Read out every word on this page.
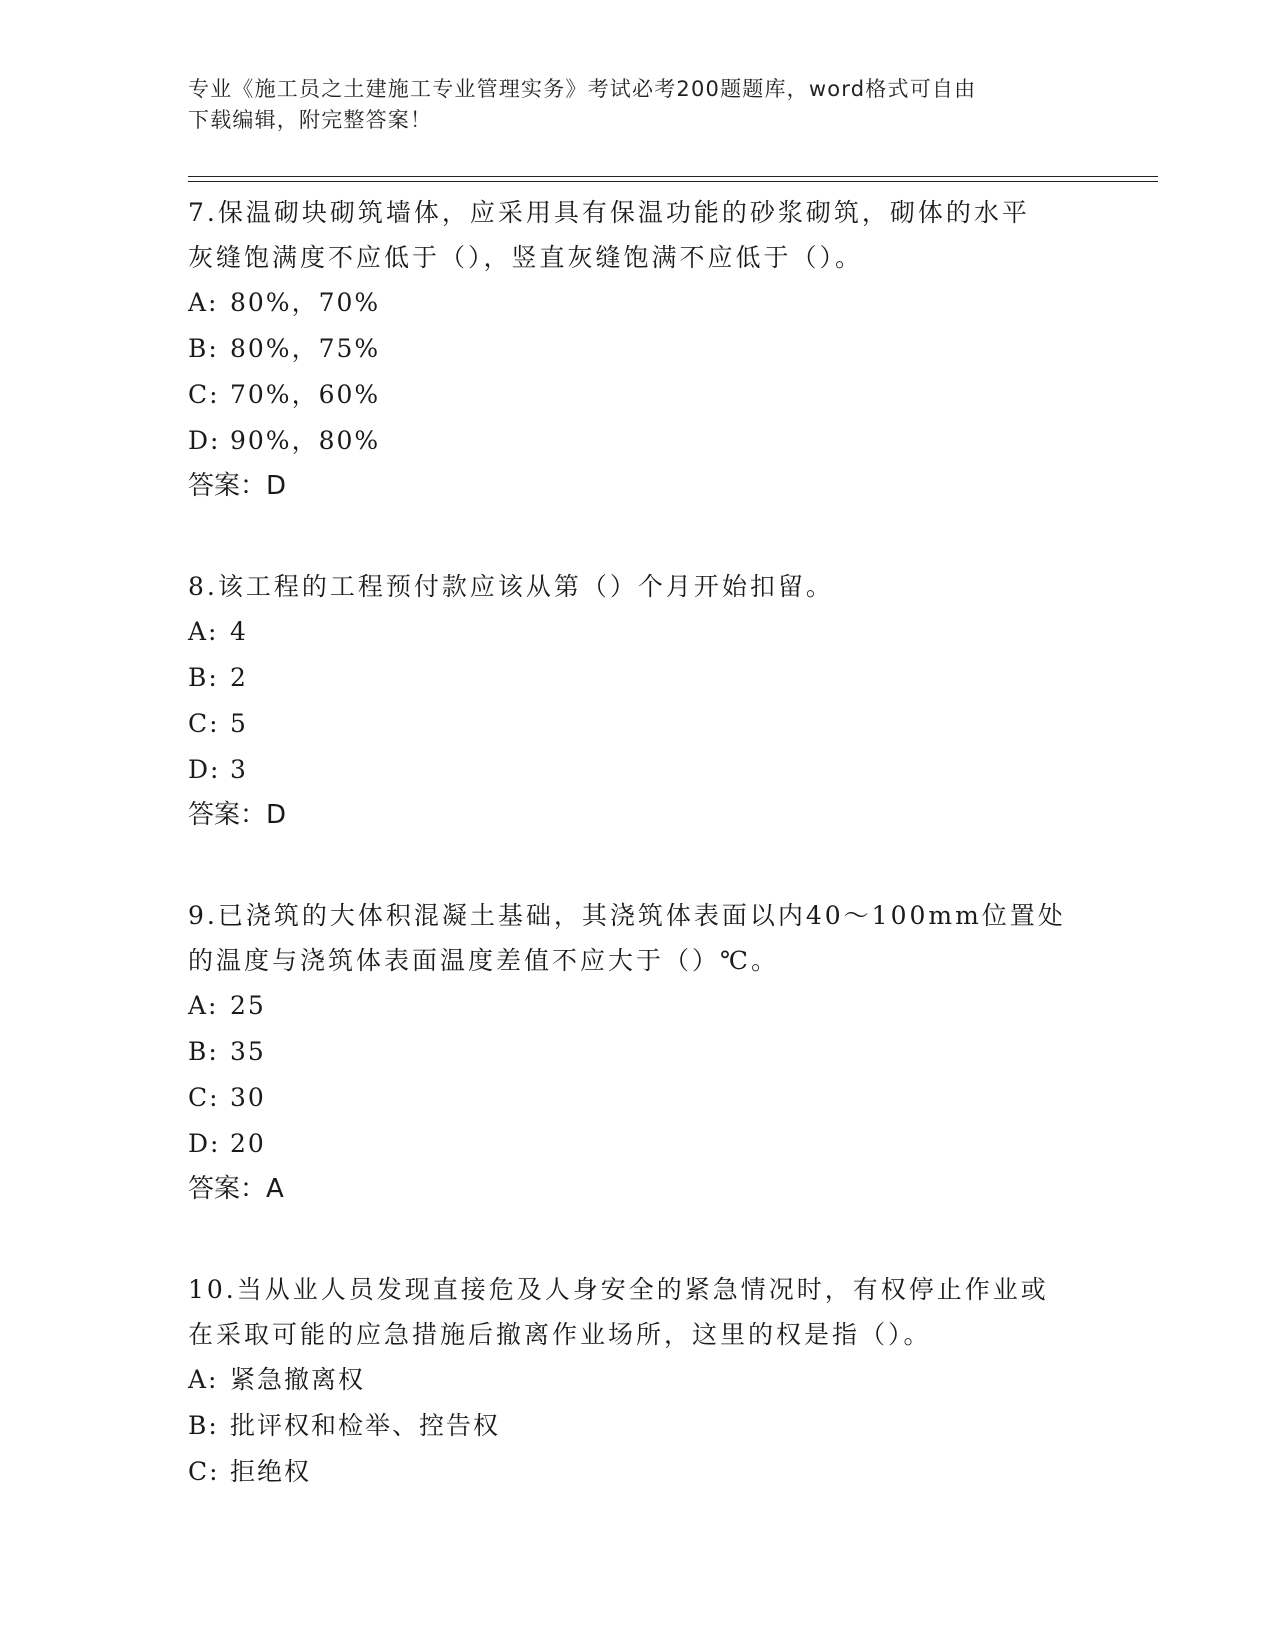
专业《施工员之土建施工专业管理实务》考试必考200题题库，word格式可自由
下载编辑，附完整答案！
7.保温砌块砌筑墙体，应采用具有保温功能的砂浆砌筑，砌体的水平
灰缝饱满度不应低于（），竖直灰缝饱满不应低于（）。
A: 80%，70%
B: 80%，75%
C: 70%，60%
D: 90%，80%
答案：D
8.该工程的工程预付款应该从第（）个月开始扣留。
A: 4
B: 2
C: 5
D: 3
答案：D
9.已浇筑的大体积混凝土基础，其浇筑体表面以内40～100mm位置处
的温度与浇筑体表面温度差值不应大于（）℃。
A: 25
B: 35
C: 30
D: 20
答案：A
10.当从业人员发现直接危及人身安全的紧急情况时，有权停止作业或
在采取可能的应急措施后撤离作业场所，这里的权是指（）。
A: 紧急撤离权
B: 批评权和检举、控告权
C: 拒绝权
